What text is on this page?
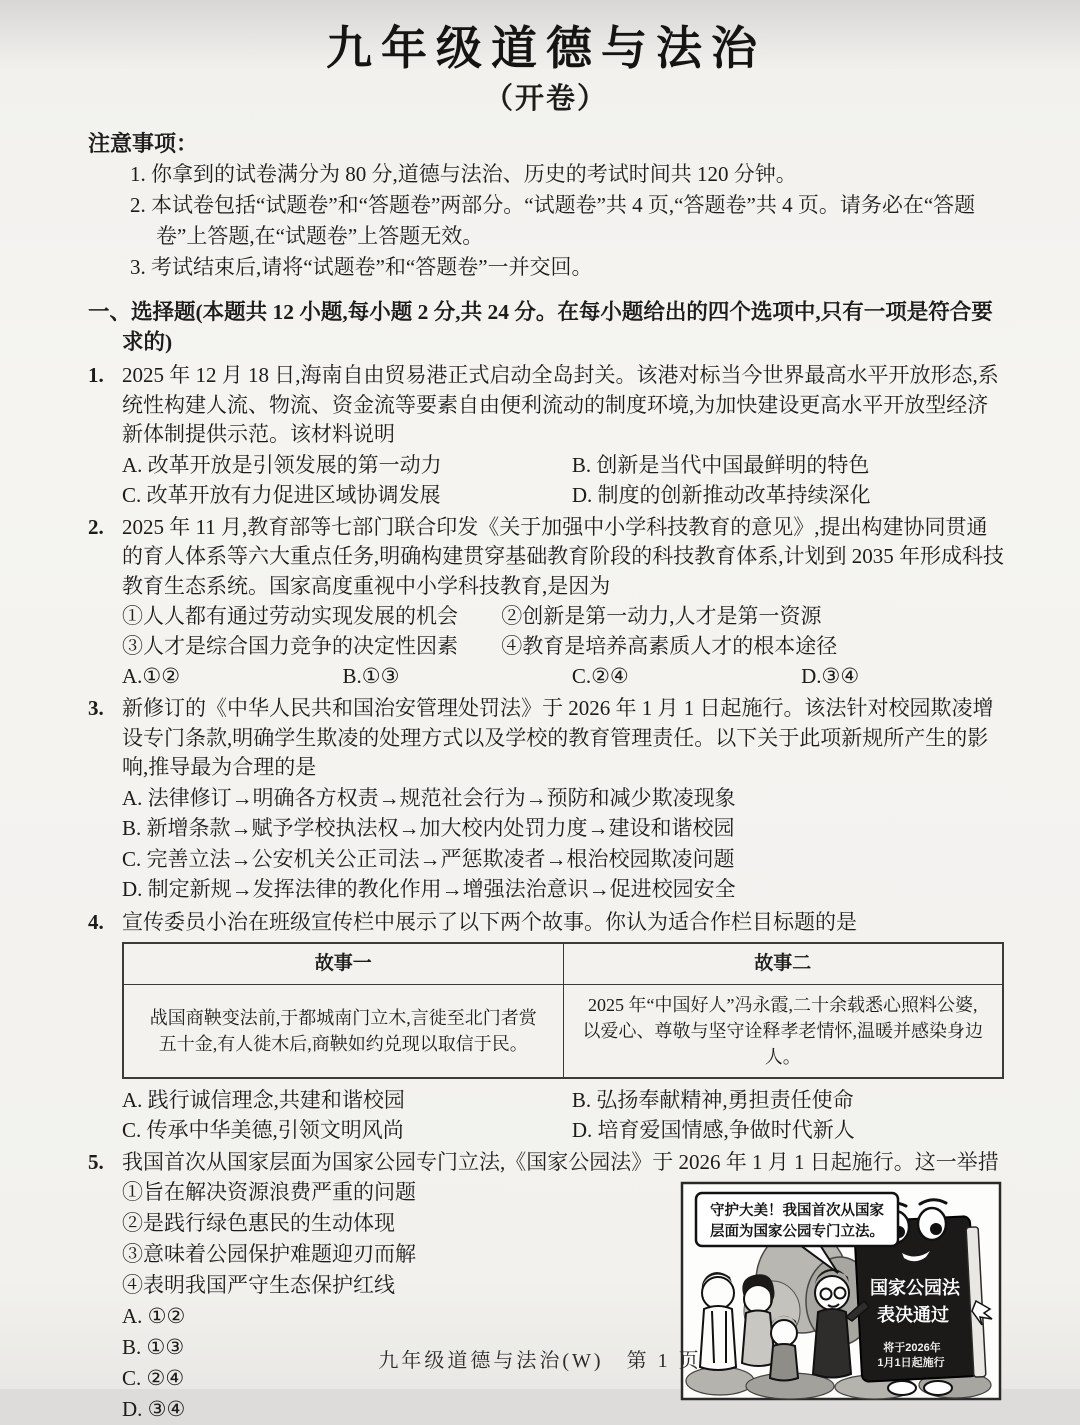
九年级道德与法治
（开卷）
注意事项：
1. 你拿到的试卷满分为 80 分,道德与法治、历史的考试时间共 120 分钟。
2. 本试卷包括“试题卷”和“答题卷”两部分。“试题卷”共 4 页,“答题卷”共 4 页。请务必在“答题卷”上答题,在“试题卷”上答题无效。
3. 考试结束后,请将“试题卷”和“答题卷”一并交回。
一、选择题(本题共 12 小题,每小题 2 分,共 24 分。在每小题给出的四个选项中,只有一项是符合要求的)
1. 2025 年 12 月 18 日,海南自由贸易港正式启动全岛封关。该港对标当今世界最高水平开放形态,系统性构建人流、物流、资金流等要素自由便利流动的制度环境,为加快建设更高水平开放型经济新体制提供示范。该材料说明
A. 改革开放是引领发展的第一动力	B. 创新是当代中国最鲜明的特色
C. 改革开放有力促进区域协调发展	D. 制度的创新推动改革持续深化
2. 2025 年 11 月,教育部等七部门联合印发《关于加强中小学科技教育的意见》,提出构建协同贯通的育人体系等六大重点任务,明确构建贯穿基础教育阶段的科技教育体系,计划到 2035 年形成科技教育生态系统。国家高度重视中小学科技教育,是因为
①人人都有通过劳动实现发展的机会	②创新是第一动力,人才是第一资源
③人才是综合国力竞争的决定性因素	④教育是培养高素质人才的根本途径
A.①②	B.①③	C.②④	D.③④
3. 新修订的《中华人民共和国治安管理处罚法》于 2026 年 1 月 1 日起施行。该法针对校园欺凌增设专门条款,明确学生欺凌的处理方式以及学校的教育管理责任。以下关于此项新规所产生的影响,推导最为合理的是
A. 法律修订→明确各方权责→规范社会行为→预防和减少欺凌现象
B. 新增条款→赋予学校执法权→加大校内处罚力度→建设和谐校园
C. 完善立法→公安机关公正司法→严惩欺凌者→根治校园欺凌问题
D. 制定新规→发挥法律的教化作用→增强法治意识→促进校园安全
4. 宣传委员小治在班级宣传栏中展示了以下两个故事。你认为适合作栏目标题的是
故事一	故事二
战国商鞅变法前,于都城南门立木,言徙至北门者赏五十金,有人徙木后,商鞅如约兑现以取信于民。	2025 年“中国好人”冯永霞,二十余载悉心照料公婆,以爱心、尊敬与坚守诠释孝老情怀,温暖并感染身边人。
A. 践行诚信理念,共建和谐校园	B. 弘扬奉献精神,勇担责任使命
C. 传承中华美德,引领文明风尚	D. 培育爱国情感,争做时代新人
5. 我国首次从国家层面为国家公园专门立法,《国家公园法》于 2026 年 1 月 1 日起施行。这一举措
①旨在解决资源浪费严重的问题
②是践行绿色惠民的生动体现
③意味着公园保护难题迎刃而解
④表明我国严守生态保护红线
A. ①②
B. ①③
C. ②④
D. ③④
国家公园法
表决通过
将于2026年
1月1日起施行
守护大美！我国首次从国家
层面为国家公园专门立法。
九年级道德与法治(W)　第 1 页
